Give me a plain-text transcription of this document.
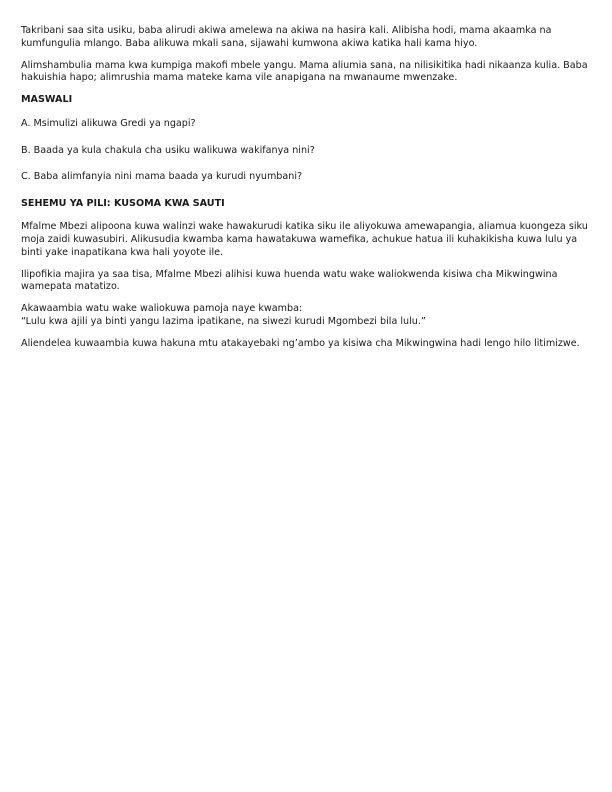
Takribani saa sita usiku, baba alirudi akiwa amelewa na akiwa na hasira kali. Alibisha hodi, mama akaamka na kumfungulia mlango. Baba alikuwa mkali sana, sijawahi kumwona akiwa katika hali kama hiyo.

Alimshambulia mama kwa kumpiga makofi mbele yangu. Mama aliumia sana, na nilisikitika hadi nikaanza kulia. Baba hakuishia hapo; alimrushia mama mateke kama vile anapigana na mwanaume mwenzake.

MASWALI

A. Msimulizi alikuwa Gredi ya ngapi?

B. Baada ya kula chakula cha usiku walikuwa wakifanya nini?

C. Baba alimfanyia nini mama baada ya kurudi nyumbani?

SEHEMU YA PILI: KUSOMA KWA SAUTI

Mfalme Mbezi alipoona kuwa walinzi wake hawakurudi katika siku ile aliyokuwa amewapangia, aliamua kuongeza siku moja zaidi kuwasubiri. Alikusudia kwamba kama hawatakuwa wamefika, achukue hatua ili kuhakikisha kuwa lulu ya binti yake inapatikana kwa hali yoyote ile.

Ilipofikia majira ya saa tisa, Mfalme Mbezi alihisi kuwa huenda watu wake waliokwenda kisiwa cha Mikwingwina wamepata matatizo.

Akawaambia watu wake waliokuwa pamoja naye kwamba:
“Lulu kwa ajili ya binti yangu lazima ipatikane, na siwezi kurudi Mgombezi bila lulu.”

Aliendelea kuwaambia kuwa hakuna mtu atakayebaki ng’ambo ya kisiwa cha Mikwingwina hadi lengo hilo litimizwe.
